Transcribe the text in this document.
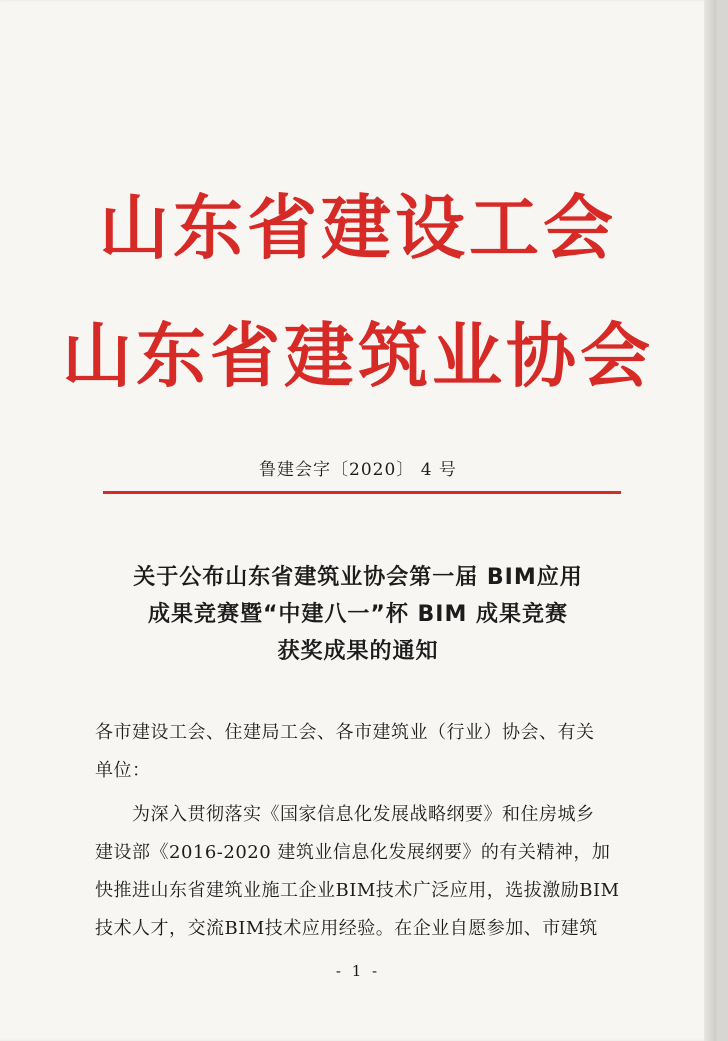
山东省建设工会
山东省建筑业协会
鲁建会字〔2020〕 4 号
关于公布山东省建筑业协会第一届 BIM应用
成果竞赛暨“中建八一”杯 BIM 成果竞赛
获奖成果的通知
各市建设工会、住建局工会、各市建筑业（行业）协会、有关
单位：
为深入贯彻落实《国家信息化发展战略纲要》和住房城乡
建设部《2016-2020 建筑业信息化发展纲要》的有关精神，加
快推进山东省建筑业施工企业BIM技术广泛应用，选拔激励BIM
技术人才，交流BIM技术应用经验。在企业自愿参加、市建筑
- 1 -
